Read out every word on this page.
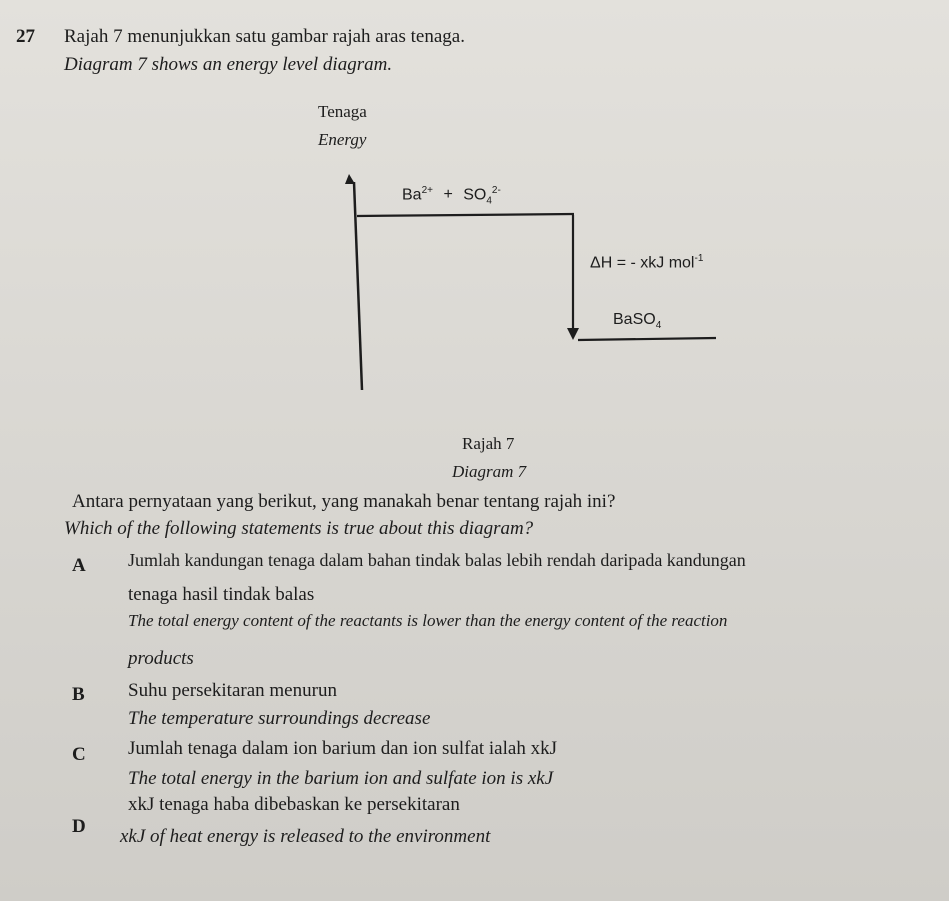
27 Rajah 7 menunjukkan satu gambar rajah aras tenaga.
Diagram 7 shows an energy level diagram.
Tenaga
Energy
$Ba^{2+} + SO_4^{2-}$
ΔH = - xkJ mol$^{-1}$
BaSO$_4$
Rajah 7
Diagram 7
Antara pernyataan yang berikut, yang manakah benar tentang rajah ini?
Which of the following statements is true about this diagram?
A Jumlah kandungan tenaga dalam bahan tindak balas lebih rendah daripada kandungan
tenaga hasil tindak balas
The total energy content of the reactants is lower than the energy content of the reaction
products
B Suhu persekitaran menurun
The temperature surroundings decrease
C Jumlah tenaga dalam ion barium dan ion sulfat ialah xkJ
The total energy in the barium ion and sulfate ion is xkJ
D
xkJ tenaga haba dibebaskan ke persekitaran
xkJ of heat energy is released to the environment
